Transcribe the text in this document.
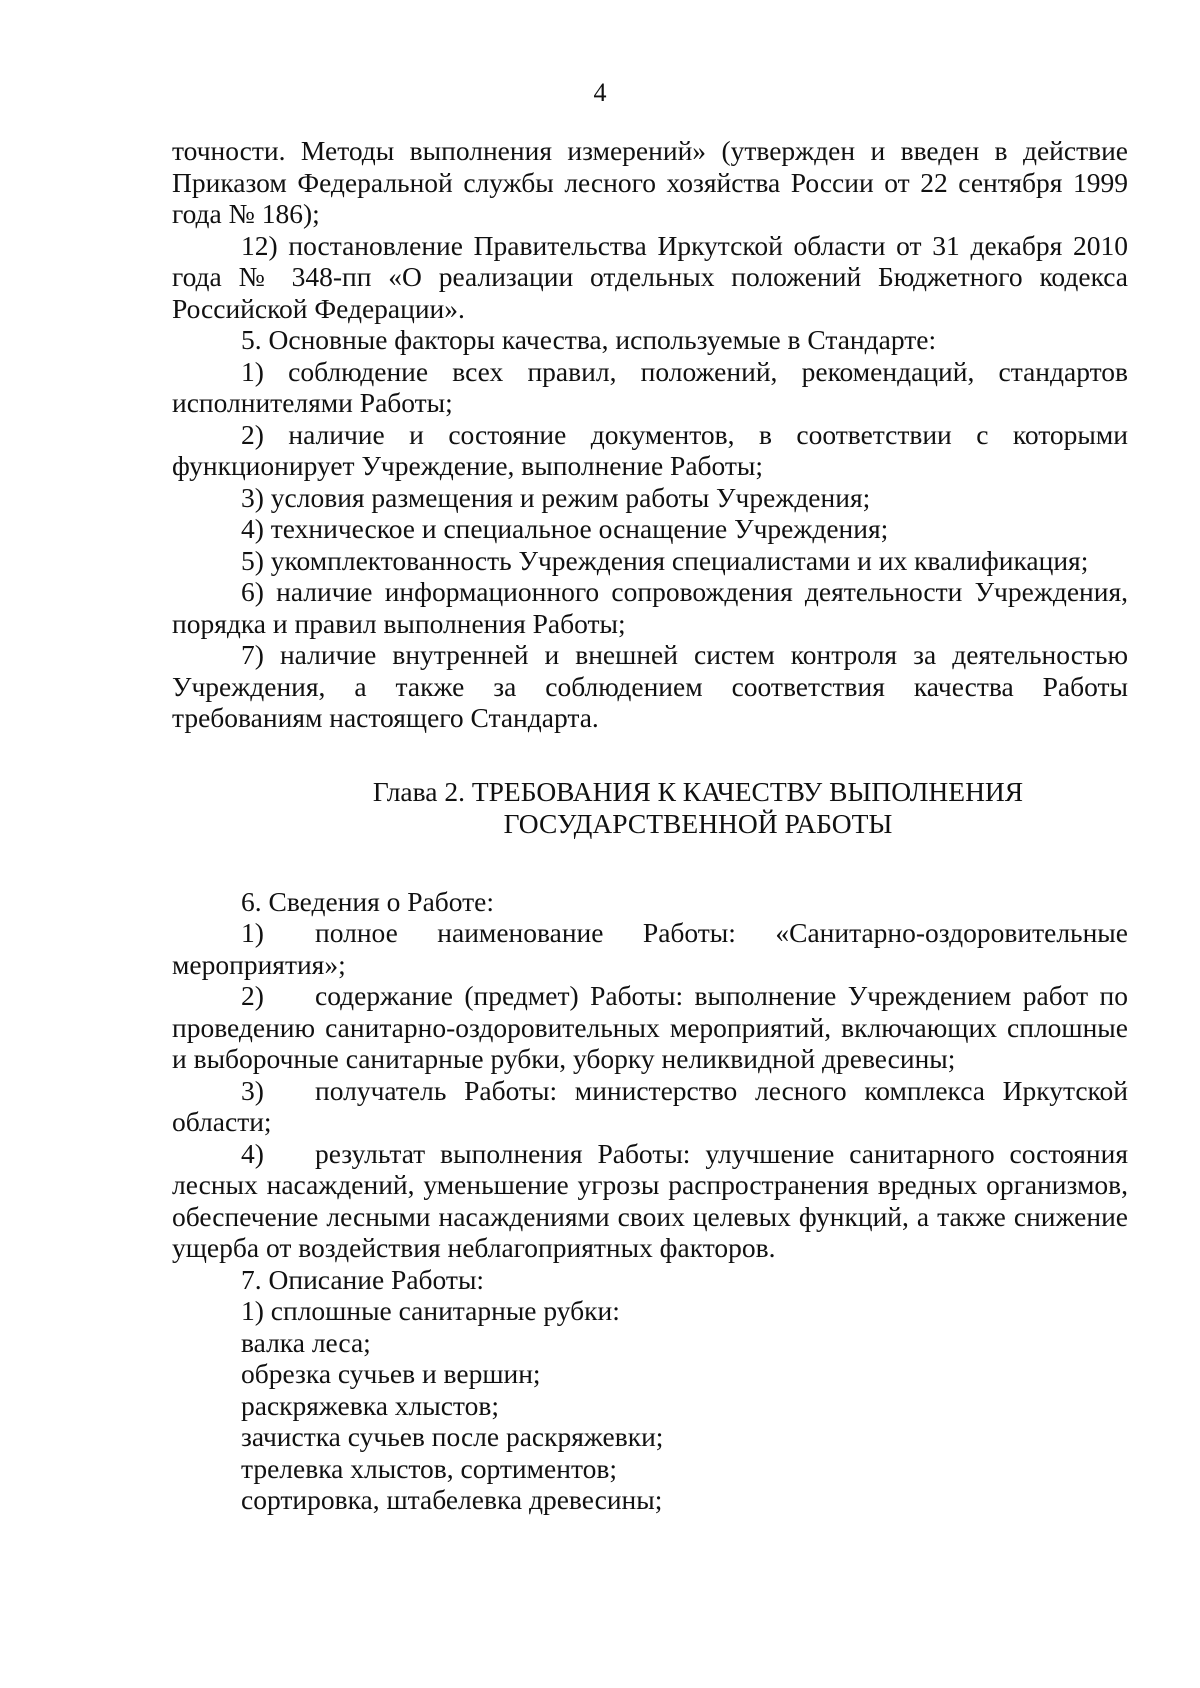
4

точности. Методы выполнения измерений» (утвержден и введен в действие

Приказом Федеральной службы лесного хозяйства России от 22 сентября 1999

года № 186);

12) постановление Правительства Иркутской области от 31 декабря 2010 года № 348-пп «О реализации отдельных положений Бюджетного кодекса Российской Федерации».

5. Основные факторы качества, используемые в Стандарте:

1) соблюдение всех правил, положений, рекомендаций, стандартов исполнителями Работы;

2) наличие и состояние документов, в соответствии с которыми функционирует Учреждение, выполнение Работы;

3) условия размещения и режим работы Учреждения;

4) техническое и специальное оснащение Учреждения;

5) укомплектованность Учреждения специалистами и их квалификация;

6) наличие информационного сопровождения деятельности Учреждения, порядка и правил выполнения Работы;

7) наличие внутренней и внешней систем контроля за деятельностью Учреждения, а также за соблюдением соответствия качества Работы требованиям настоящего Стандарта.

Глава 2. ТРЕБОВАНИЯ К КАЧЕСТВУ ВЫПОЛНЕНИЯ
ГОСУДАРСТВЕННОЙ РАБОТЫ

6. Сведения о Работе:

1) полное наименование Работы: «Санитарно-оздоровительные мероприятия»;

2) содержание (предмет) Работы: выполнение Учреждением работ по проведению санитарно-оздоровительных мероприятий, включающих сплошные и выборочные санитарные рубки, уборку неликвидной древесины;

3) получатель Работы: министерство лесного комплекса Иркутской области;

4) результат выполнения Работы: улучшение санитарного состояния лесных насаждений, уменьшение угрозы распространения вредных организмов, обеспечение лесными насаждениями своих целевых функций, а также снижение ущерба от воздействия неблагоприятных факторов.

7. Описание Работы:

1) сплошные санитарные рубки:

валка леса;

обрезка сучьев и вершин;

раскряжевка хлыстов;

зачистка сучьев после раскряжевки;

трелевка хлыстов, сортиментов;

сортировка, штабелевка древесины;
